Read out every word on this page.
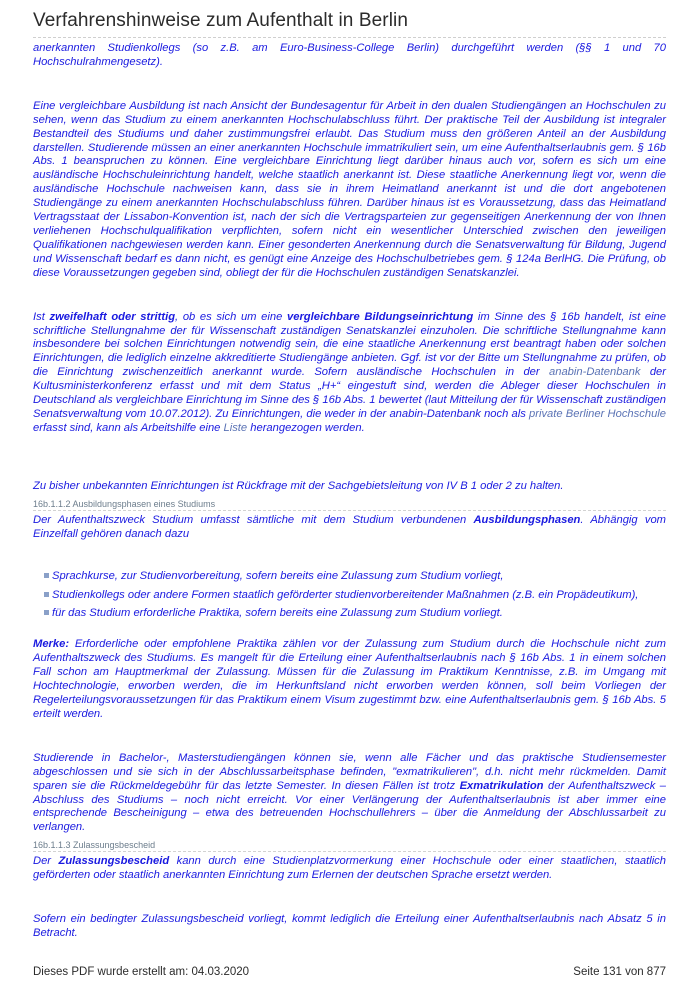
Verfahrenshinweise zum Aufenthalt in Berlin

anerkannten Studienkollegs (so z.B. am Euro-Business-College Berlin) durchgeführt werden (§§ 1 und 70 Hochschulrahmengesetz).

Eine vergleichbare Ausbildung ist nach Ansicht der Bundesagentur für Arbeit in den dualen Studiengängen an Hochschulen zu sehen, wenn das Studium zu einem anerkannten Hochschulabschluss führt. Der praktische Teil der Ausbildung ist integraler Bestandteil des Studiums und daher zustimmungsfrei erlaubt. Das Studium muss den größeren Anteil an der Ausbildung darstellen. Studierende müssen an einer anerkannten Hochschule immatrikuliert sein, um eine Aufenthaltserlaubnis gem. § 16b Abs. 1 beanspruchen zu können. Eine vergleichbare Einrichtung liegt darüber hinaus auch vor, sofern es sich um eine ausländische Hochschuleinrichtung handelt, welche staatlich anerkannt ist. Diese staatliche Anerkennung liegt vor, wenn die ausländische Hochschule nachweisen kann, dass sie in ihrem Heimatland anerkannt ist und die dort angebotenen Studiengänge zu einem anerkannten Hochschulabschluss führen. Darüber hinaus ist es Voraussetzung, dass das Heimatland Vertragsstaat der Lissabon-Konvention ist, nach der sich die Vertragsparteien zur gegenseitigen Anerkennung der von Ihnen verliehenen Hochschulqualifikation verpflichten, sofern nicht ein wesentlicher Unterschied zwischen den jeweiligen Qualifikationen nachgewiesen werden kann. Einer gesonderten Anerkennung durch die Senatsverwaltung für Bildung, Jugend und Wissenschaft bedarf es dann nicht, es genügt eine Anzeige des Hochschulbetriebes gem. § 124a BerlHG. Die Prüfung, ob diese Voraussetzungen gegeben sind, obliegt der für die Hochschulen zuständigen Senatskanzlei.

Ist zweifelhaft oder strittig, ob es sich um eine vergleichbare Bildungseinrichtung im Sinne des § 16b handelt, ist eine schriftliche Stellungnahme der für Wissenschaft zuständigen Senatskanzlei einzuholen. Die schriftliche Stellungnahme kann insbesondere bei solchen Einrichtungen notwendig sein, die eine staatliche Anerkennung erst beantragt haben oder solchen Einrichtungen, die lediglich einzelne akkreditierte Studiengänge anbieten. Ggf. ist vor der Bitte um Stellungnahme zu prüfen, ob die Einrichtung zwischenzeitlich anerkannt wurde. Sofern ausländische Hochschulen in der anabin-Datenbank der Kultusministerkonferenz erfasst und mit dem Status „H+“ eingestuft sind, werden die Ableger dieser Hochschulen in Deutschland als vergleichbare Einrichtung im Sinne des § 16b Abs. 1 bewertet (laut Mitteilung der für Wissenschaft zuständigen Senatsverwaltung vom 10.07.2012). Zu Einrichtungen, die weder in der anabin-Datenbank noch als private Berliner Hochschule erfasst sind, kann als Arbeitshilfe eine Liste herangezogen werden.

Zu bisher unbekannten Einrichtungen ist Rückfrage mit der Sachgebietsleitung von IV B 1 oder 2 zu halten.

16b.1.1.2 Ausbildungsphasen eines Studiums

Der Aufenthaltszweck Studium umfasst sämtliche mit dem Studium verbundenen Ausbildungsphasen. Abhängig vom Einzelfall gehören danach dazu

Sprachkurse, zur Studienvorbereitung, sofern bereits eine Zulassung zum Studium vorliegt,
Studienkollegs oder andere Formen staatlich geförderter studienvorbereitender Maßnahmen (z.B. ein Propädeutikum),
für das Studium erforderliche Praktika, sofern bereits eine Zulassung zum Studium vorliegt.

Merke: Erforderliche oder empfohlene Praktika zählen vor der Zulassung zum Studium durch die Hochschule nicht zum Aufenthaltszweck des Studiums. Es mangelt für die Erteilung einer Aufenthaltserlaubnis nach § 16b Abs. 1 in einem solchen Fall schon am Hauptmerkmal der Zulassung. Müssen für die Zulassung im Praktikum Kenntnisse, z.B. im Umgang mit Hochtechnologie, erworben werden, die im Herkunftsland nicht erworben werden können, soll beim Vorliegen der Regelerteilungsvoraussetzungen für das Praktikum einem Visum zugestimmt bzw. eine Aufenthaltserlaubnis gem. § 16b Abs. 5 erteilt werden.

Studierende in Bachelor-, Masterstudiengängen können sie, wenn alle Fächer und das praktische Studiensemester abgeschlossen und sie sich in der Abschlussarbeitsphase befinden, "exmatrikulieren", d.h. nicht mehr rückmelden. Damit sparen sie die Rückmeldegebühr für das letzte Semester. In diesen Fällen ist trotz Exmatrikulation der Aufenthaltszweck – Abschluss des Studiums – noch nicht erreicht. Vor einer Verlängerung der Aufenthaltserlaubnis ist aber immer eine entsprechende Bescheinigung – etwa des betreuenden Hochschullehrers – über die Anmeldung der Abschlussarbeit zu verlangen.

16b.1.1.3 Zulassungsbescheid

Der Zulassungsbescheid kann durch eine Studienplatzvormerkung einer Hochschule oder einer staatlichen, staatlich geförderten oder staatlich anerkannten Einrichtung zum Erlernen der deutschen Sprache ersetzt werden.

Sofern ein bedingter Zulassungsbescheid vorliegt, kommt lediglich die Erteilung einer Aufenthaltserlaubnis nach Absatz 5 in Betracht.

Dieses PDF wurde erstellt am: 04.03.2020	Seite 131 von 877
